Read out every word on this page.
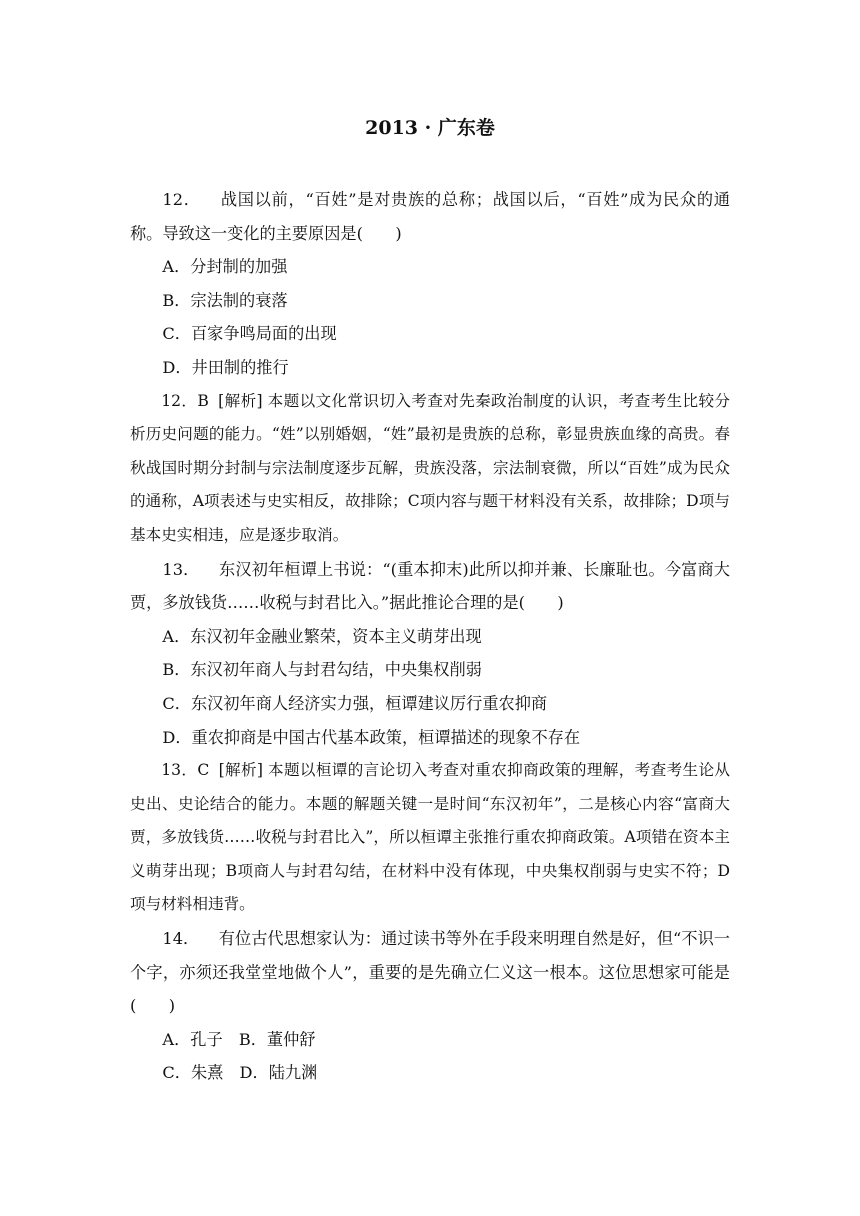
2013 · 广东卷

12． 战国以前，“百姓”是对贵族的总称；战国以后，“百姓”成为民众的通称。导致这一变化的主要原因是(　　)

A．分封制的加强

B．宗法制的衰落

C．百家争鸣局面的出现

D．井田制的推行

12．B [解析] 本题以文化常识切入考查对先秦政治制度的认识，考查考生比较分析历史问题的能力。“姓”以别婚姻，“姓”最初是贵族的总称，彰显贵族血缘的高贵。春秋战国时期分封制与宗法制度逐步瓦解，贵族没落，宗法制衰微，所以“百姓”成为民众的通称，A项表述与史实相反，故排除；C项内容与题干材料没有关系，故排除；D项与基本史实相违，应是逐步取消。

13． 东汉初年桓谭上书说：“(重本抑末)此所以抑并兼、长廉耻也。今富商大贾，多放钱货……收税与封君比入。”据此推论合理的是(　　)

A．东汉初年金融业繁荣，资本主义萌芽出现

B．东汉初年商人与封君勾结，中央集权削弱

C．东汉初年商人经济实力强，桓谭建议厉行重农抑商

D．重农抑商是中国古代基本政策，桓谭描述的现象不存在

13．C [解析] 本题以桓谭的言论切入考查对重农抑商政策的理解，考查考生论从史出、史论结合的能力。本题的解题关键一是时间“东汉初年”，二是核心内容“富商大贾，多放钱货……收税与封君比入”，所以桓谭主张推行重农抑商政策。A项错在资本主义萌芽出现；B项商人与封君勾结，在材料中没有体现，中央集权削弱与史实不符；D项与材料相违背。

14． 有位古代思想家认为：通过读书等外在手段来明理自然是好，但“不识一个字，亦须还我堂堂地做个人”，重要的是先确立仁义这一根本。这位思想家可能是(　　)

A．孔子　 B．董仲舒

C．朱熹　 D．陆九渊
